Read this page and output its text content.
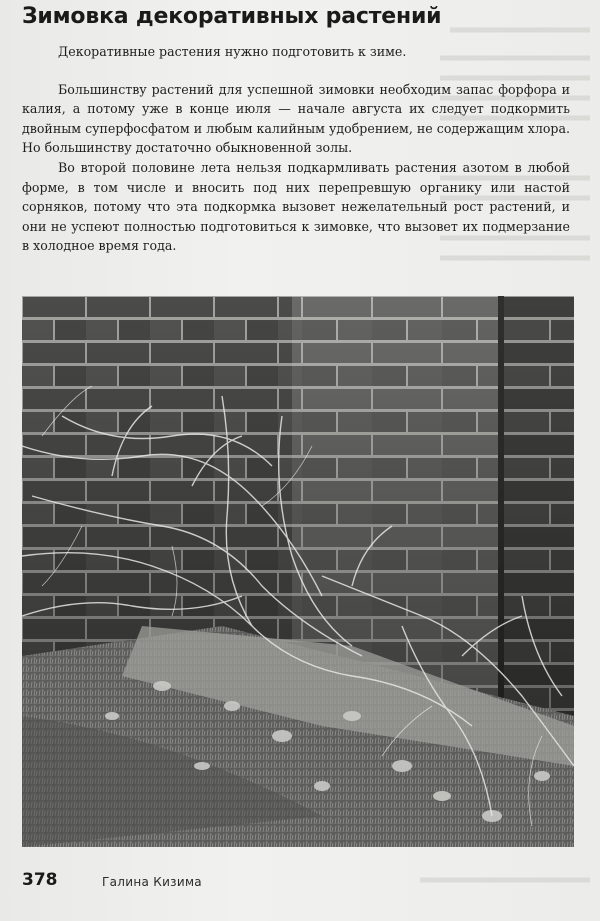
Зимовка декоративных растений

Декоративные растения нужно подготовить к зиме.

Большинству растений для успешной зимовки необходим запас форфора и калия, а потому уже в конце июля — начале августа их следует подкормить двойным суперфосфатом и любым калийным удобрением, не содержащим хлора. Но большинству достаточно обыкновенной золы.

Во второй половине лета нельзя подкармливать растения азотом в любой форме, в том числе и вносить под них перепревшую органику или настой сорняков, потому что эта подкормка вызовет нежелательный рост растений, и они не успеют полностью подготовиться к зимовке, что вызовет их подмерзание в холодное время года.

378	Галина Кизима
